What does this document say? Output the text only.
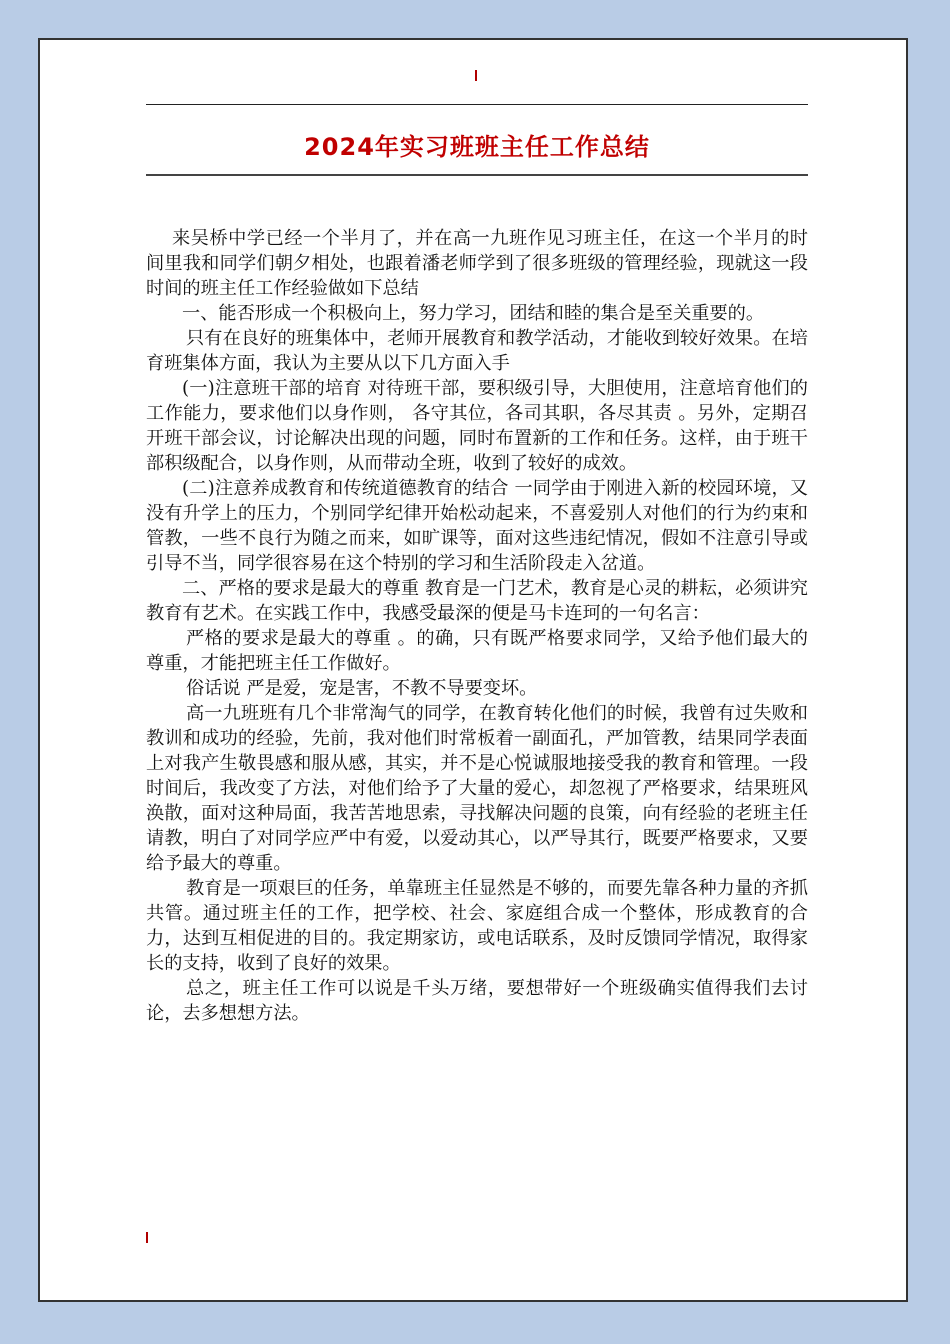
2024年实习班班主任工作总结

来吴桥中学已经一个半月了，并在高一九班作见习班主任，在这一个半月的时间里我和同学们朝夕相处，也跟着潘老师学到了很多班级的管理经验，现就这一段时间的班主任工作经验做如下总结

一、能否形成一个积极向上，努力学习，团结和睦的集合是至关重要的。

只有在良好的班集体中，老师开展教育和教学活动，才能收到较好效果。在培育班集体方面，我认为主要从以下几方面入手

(一)注意班干部的培育 对待班干部，要积级引导，大胆使用，注意培育他们的工作能力，要求他们以身作则， 各守其位，各司其职，各尽其责 。另外，定期召开班干部会议，讨论解决出现的问题，同时布置新的工作和任务。这样，由于班干部积级配合，以身作则，从而带动全班，收到了较好的成效。

(二)注意养成教育和传统道德教育的结合 一同学由于刚进入新的校园环境，又没有升学上的压力，个别同学纪律开始松动起来，不喜爱别人对他们的行为约束和管教，一些不良行为随之而来，如旷课等，面对这些违纪情况，假如不注意引导或引导不当，同学很容易在这个特别的学习和生活阶段走入岔道。

二、严格的要求是最大的尊重 教育是一门艺术，教育是心灵的耕耘，必须讲究教育有艺术。在实践工作中，我感受最深的便是马卡连珂的一句名言：

严格的要求是最大的尊重 。的确，只有既严格要求同学，又给予他们最大的尊重，才能把班主任工作做好。

俗话说 严是爱，宠是害，不教不导要变坏。

高一九班班有几个非常淘气的同学，在教育转化他们的时候，我曾有过失败和教训和成功的经验，先前，我对他们时常板着一副面孔，严加管教，结果同学表面上对我产生敬畏感和服从感，其实，并不是心悦诚服地接受我的教育和管理。一段时间后，我改变了方法，对他们给予了大量的爱心，却忽视了严格要求，结果班风涣散，面对这种局面，我苦苦地思索，寻找解决问题的良策，向有经验的老班主任请教，明白了对同学应严中有爱，以爱动其心，以严导其行，既要严格要求，又要给予最大的尊重。

教育是一项艰巨的任务，单靠班主任显然是不够的，而要先靠各种力量的齐抓共管。通过班主任的工作，把学校、社会、家庭组合成一个整体，形成教育的合力，达到互相促进的目的。我定期家访，或电话联系，及时反馈同学情况，取得家长的支持，收到了良好的效果。

总之，班主任工作可以说是千头万绪，要想带好一个班级确实值得我们去讨论，去多想想方法。
